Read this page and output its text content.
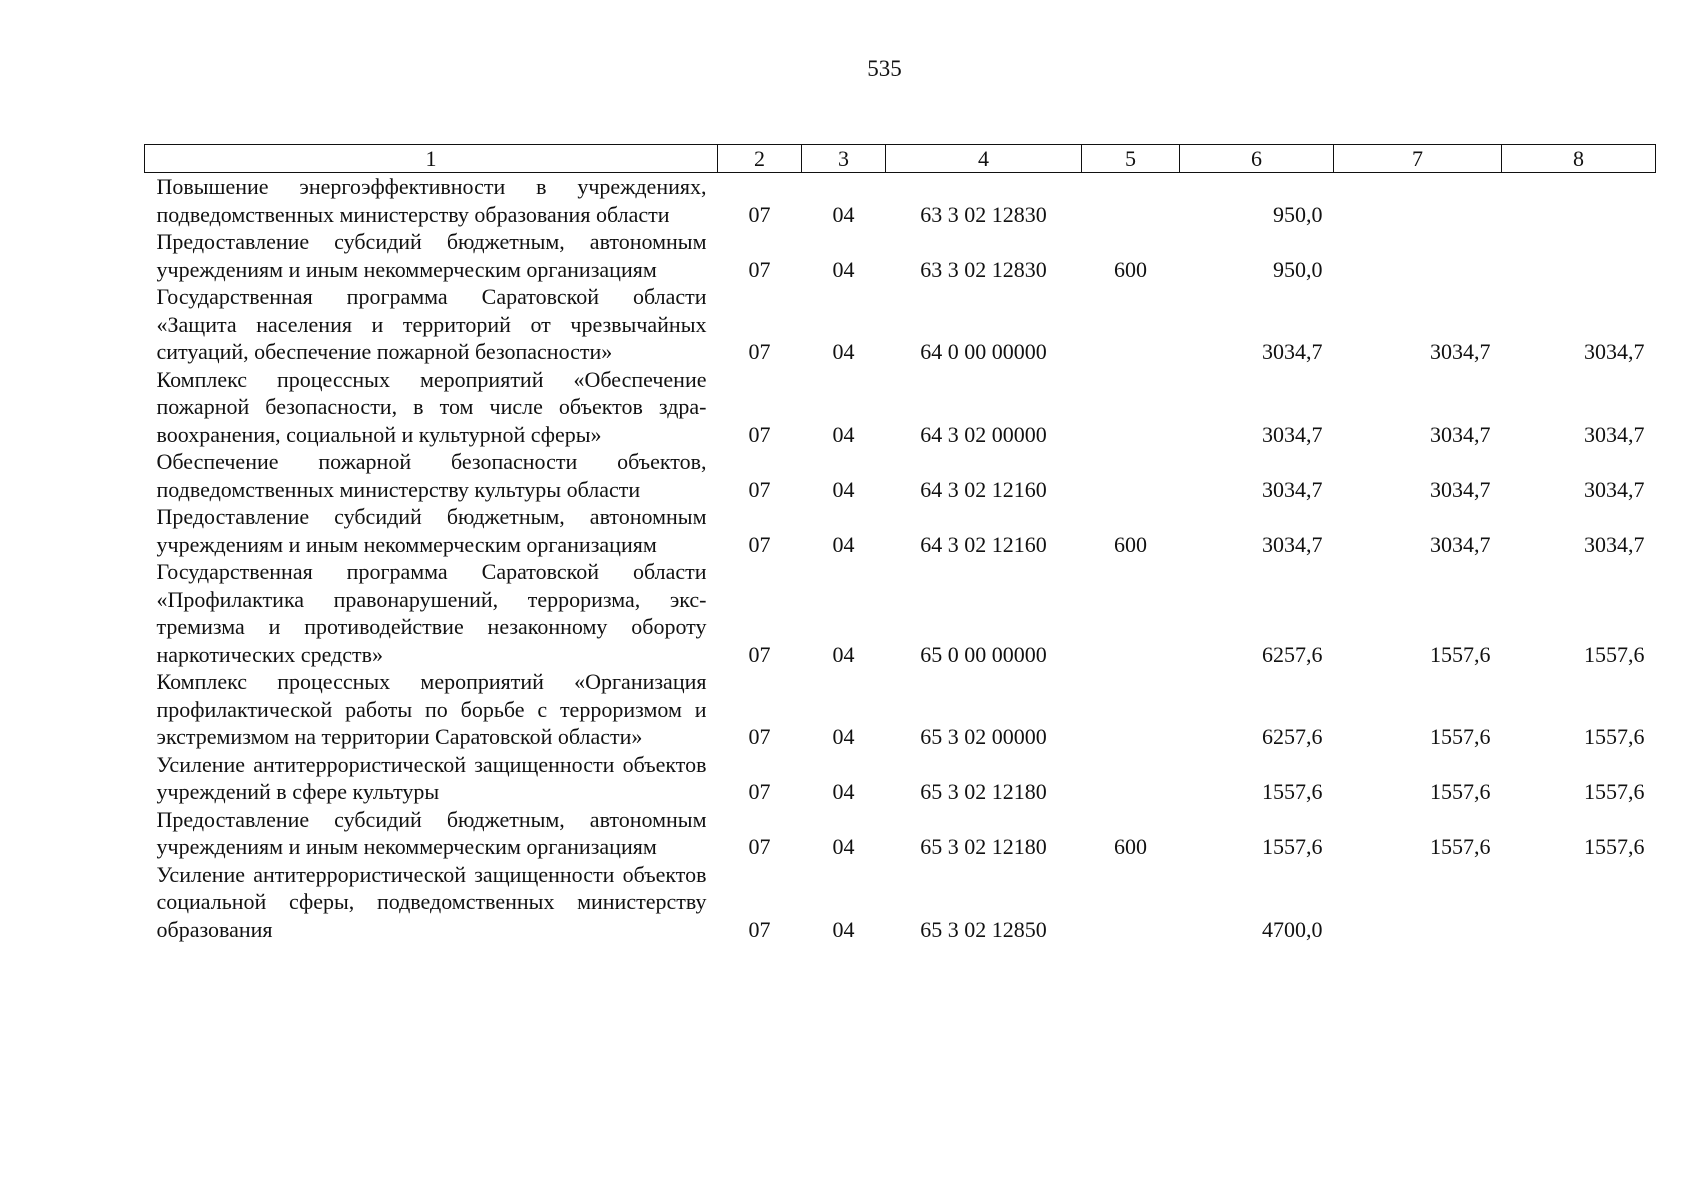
535
1	2	3	4	5	6	7	8
Повышение энергоэффективности в учреждениях, подведомственных министерству образования области	07	04	63 3 02 12830		950,0		
Предоставление субсидий бюджетным, автономным учреждениям и иным некоммерческим организациям	07	04	63 3 02 12830	600	950,0		
Государственная программа Саратовской области «Защита населения и территорий от чрезвычайных ситуаций, обеспечение пожарной безопасности»	07	04	64 0 00 00000		3034,7	3034,7	3034,7
Комплекс процессных мероприятий «Обеспечение пожарной безопасности, в том числе объектов здравоохранения, социальной и культурной сферы»	07	04	64 3 02 00000		3034,7	3034,7	3034,7
Обеспечение пожарной безопасности объектов, подведомственных министерству культуры области	07	04	64 3 02 12160		3034,7	3034,7	3034,7
Предоставление субсидий бюджетным, автономным учреждениям и иным некоммерческим организациям	07	04	64 3 02 12160	600	3034,7	3034,7	3034,7
Государственная программа Саратовской области «Профилактика правонарушений, терроризма, экстремизма и противодействие незаконному обороту наркотических средств»	07	04	65 0 00 00000		6257,6	1557,6	1557,6
Комплекс процессных мероприятий «Организация профилактической работы по борьбе с терроризмом и экстремизмом на территории Саратовской области»	07	04	65 3 02 00000		6257,6	1557,6	1557,6
Усиление антитеррористической защищенности объектов учреждений в сфере культуры	07	04	65 3 02 12180		1557,6	1557,6	1557,6
Предоставление субсидий бюджетным, автономным учреждениям и иным некоммерческим организациям	07	04	65 3 02 12180	600	1557,6	1557,6	1557,6
Усиление антитеррористической защищенности объектов социальной сферы, подведомственных министерству образования	07	04	65 3 02 12850		4700,0		
